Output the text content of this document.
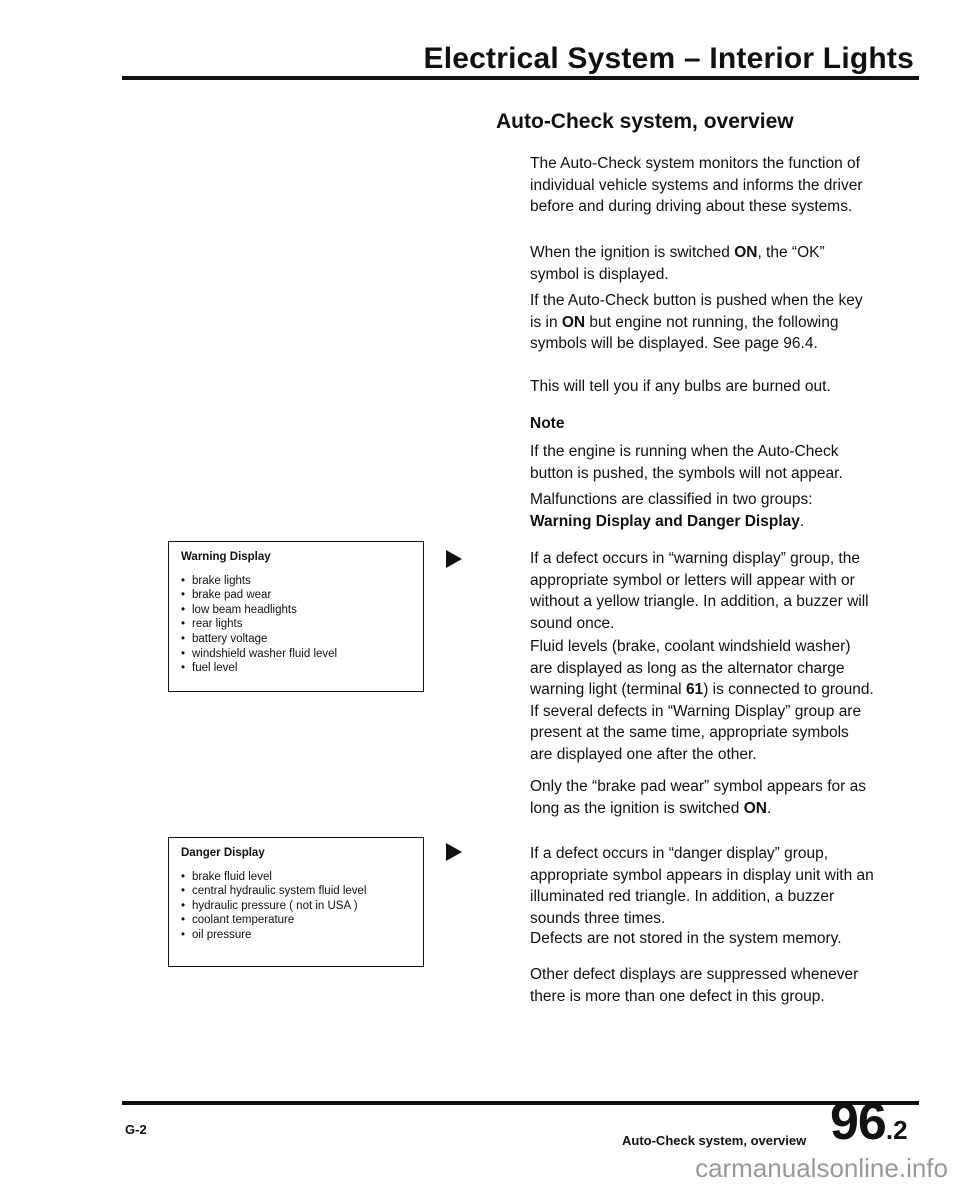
Electrical System – Interior Lights
Auto-Check system, overview
The Auto-Check system monitors the function of individual vehicle systems and informs the driver before and during driving about these systems.
When the ignition is switched ON, the “OK” symbol is displayed.
If the Auto-Check button is pushed when the key is in ON but engine not running, the following symbols will be displayed. See page 96.4.
This will tell you if any bulbs are burned out.
Note
If the engine is running when the Auto-Check button is pushed, the symbols will not appear.
Malfunctions are classified in two groups: Warning Display and Danger Display.
If a defect occurs in “warning display” group, the appropriate symbol or letters will appear with or without a yellow triangle. In addition, a buzzer will sound once.
Fluid levels (brake, coolant windshield washer) are displayed as long as the alternator charge warning light (terminal 61) is connected to ground. If several defects in “Warning Display” group are present at the same time, appropriate symbols are displayed one after the other.
Only the “brake pad wear” symbol appears for as long as the ignition is switched ON.
If a defect occurs in “danger display” group, appropriate symbol appears in display unit with an illuminated red triangle. In addition, a buzzer sounds three times.
Defects are not stored in the system memory.
Other defect displays are suppressed whenever there is more than one defect in this group.
Warning Display
• brake lights
• brake pad wear
• low beam headlights
• rear lights
• battery voltage
• windshield washer fluid level
• fuel level
Danger Display
• brake fluid level
• central hydraulic system fluid level
• hydraulic pressure ( not in USA )
• coolant temperature
• oil pressure
G-2
Auto-Check system, overview 96.2
carmanualsonline.info
